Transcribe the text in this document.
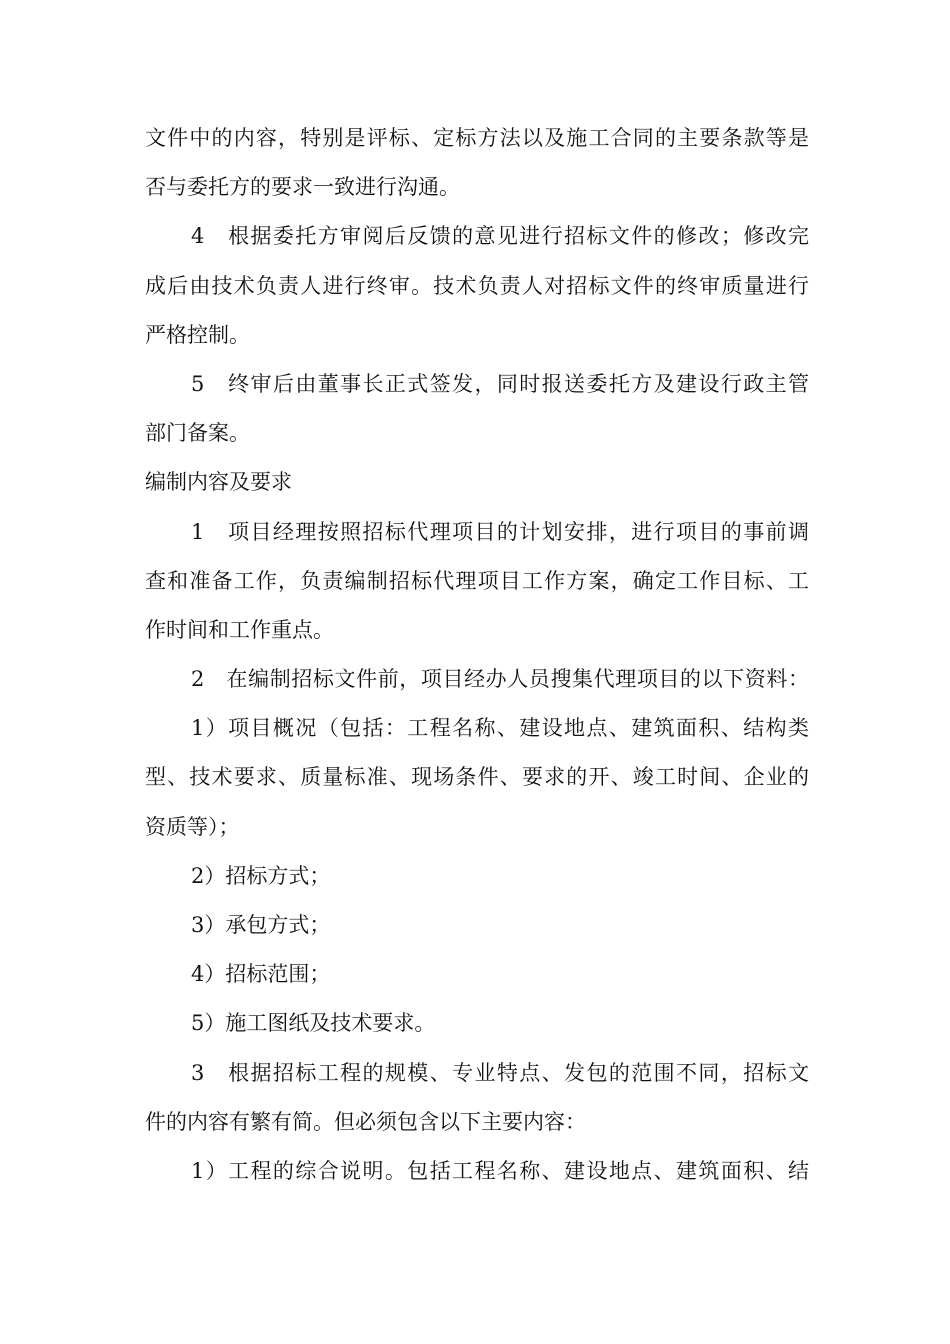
文件中的内容，特别是评标、定标方法以及施工合同的主要条款等是
否与委托方的要求一致进行沟通。
4　根据委托方审阅后反馈的意见进行招标文件的修改；修改完
成后由技术负责人进行终审。技术负责人对招标文件的终审质量进行
严格控制。
5　终审后由董事长正式签发，同时报送委托方及建设行政主管
部门备案。
编制内容及要求
1　项目经理按照招标代理项目的计划安排，进行项目的事前调
查和准备工作，负责编制招标代理项目工作方案，确定工作目标、工
作时间和工作重点。
2　在编制招标文件前，项目经办人员搜集代理项目的以下资料：
1）项目概况（包括：工程名称、建设地点、建筑面积、结构类
型、技术要求、质量标准、现场条件、要求的开、竣工时间、企业的
资质等）；
2）招标方式；
3）承包方式；
4）招标范围；
5）施工图纸及技术要求。
3　根据招标工程的规模、专业特点、发包的范围不同，招标文
件的内容有繁有简。但必须包含以下主要内容：
1）工程的综合说明。包括工程名称、建设地点、建筑面积、结
